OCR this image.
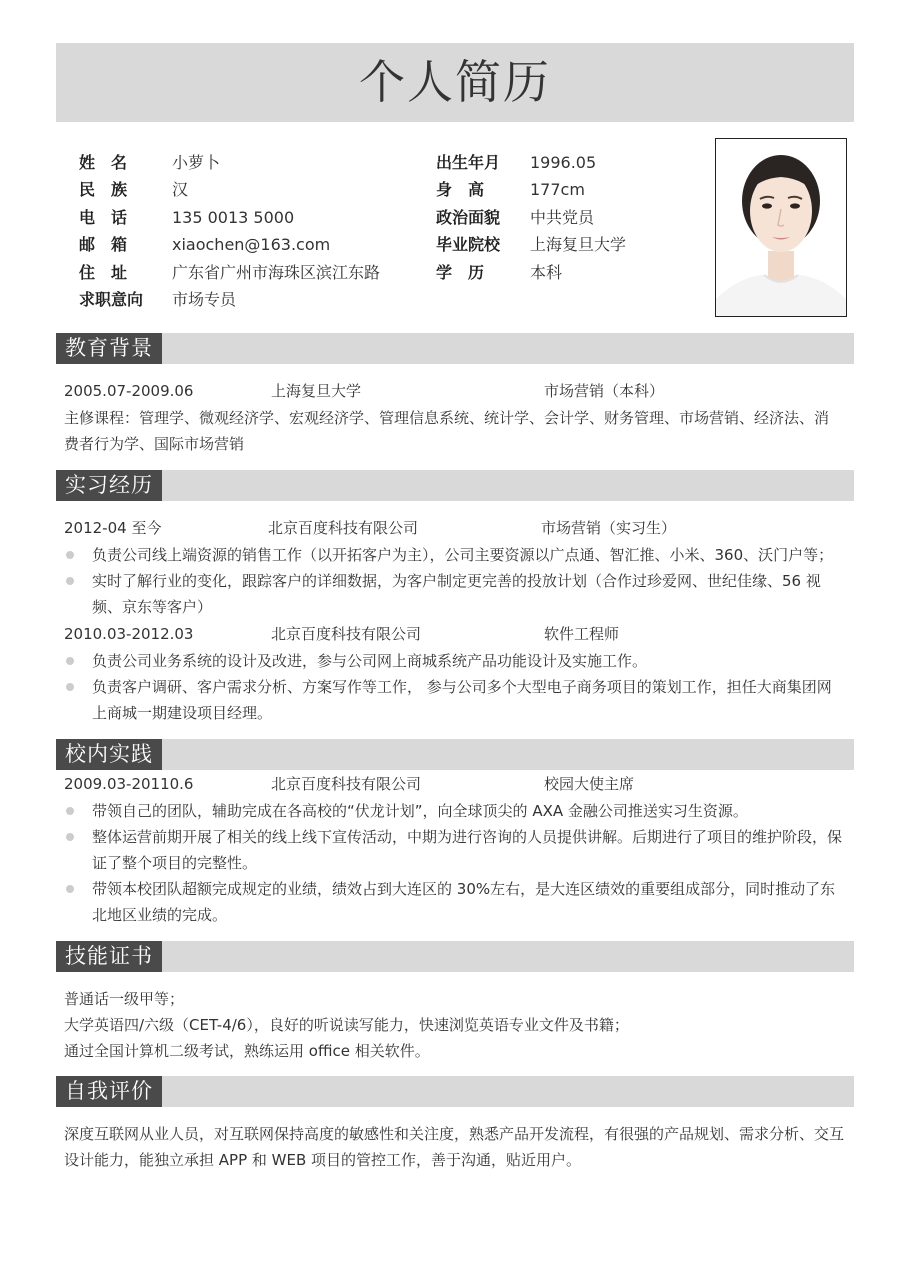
个人简历
姓　名	小萝卜	出生年月 1996.05
民　族	汉	身　高	177cm
电　话	135 0013 5000	政治面貌 中共党员
邮　箱	xiaochen@163.com	毕业院校 上海复旦大学
住　址	广东省广州市海珠区滨江东路	学　历	本科
求职意向 市场专员
教育背景
2005.07-2009.06	上海复旦大学	市场营销（本科）
主修课程：管理学、微观经济学、宏观经济学、管理信息系统、统计学、会计学、财务管理、市场营销、经济法、消
费者行为学、国际市场营销
实习经历
2012-04 至今	北京百度科技有限公司	市场营销（实习生）
负责公司线上端资源的销售工作（以开拓客户为主），公司主要资源以广点通、智汇推、小米、360、沃门户等；
实时了解行业的变化，跟踪客户的详细数据，为客户制定更完善的投放计划（合作过珍爱网、世纪佳缘、56 视频、京东等客户）
2010.03-2012.03	北京百度科技有限公司	软件工程师
负责公司业务系统的设计及改进，参与公司网上商城系统产品功能设计及实施工作。
负责客户调研、客户需求分析、方案写作等工作， 参与公司多个大型电子商务项目的策划工作，担任大商集团网上商城一期建设项目经理。
校内实践
2009.03-20110.6	北京百度科技有限公司	校园大使主席
带领自己的团队，辅助完成在各高校的“伏龙计划”，向全球顶尖的 AXA 金融公司推送实习生资源。
整体运营前期开展了相关的线上线下宣传活动，中期为进行咨询的人员提供讲解。后期进行了项目的维护阶段，保证了整个项目的完整性。
带领本校团队超额完成规定的业绩，绩效占到大连区的 30%左右，是大连区绩效的重要组成部分，同时推动了东北地区业绩的完成。
技能证书
普通话一级甲等；
大学英语四/六级（CET-4/6），良好的听说读写能力，快速浏览英语专业文件及书籍；
通过全国计算机二级考试，熟练运用 office 相关软件。
自我评价
深度互联网从业人员，对互联网保持高度的敏感性和关注度，熟悉产品开发流程，有很强的产品规划、需求分析、交互设计能力，能独立承担 APP 和 WEB 项目的管控工作，善于沟通，贴近用户。
